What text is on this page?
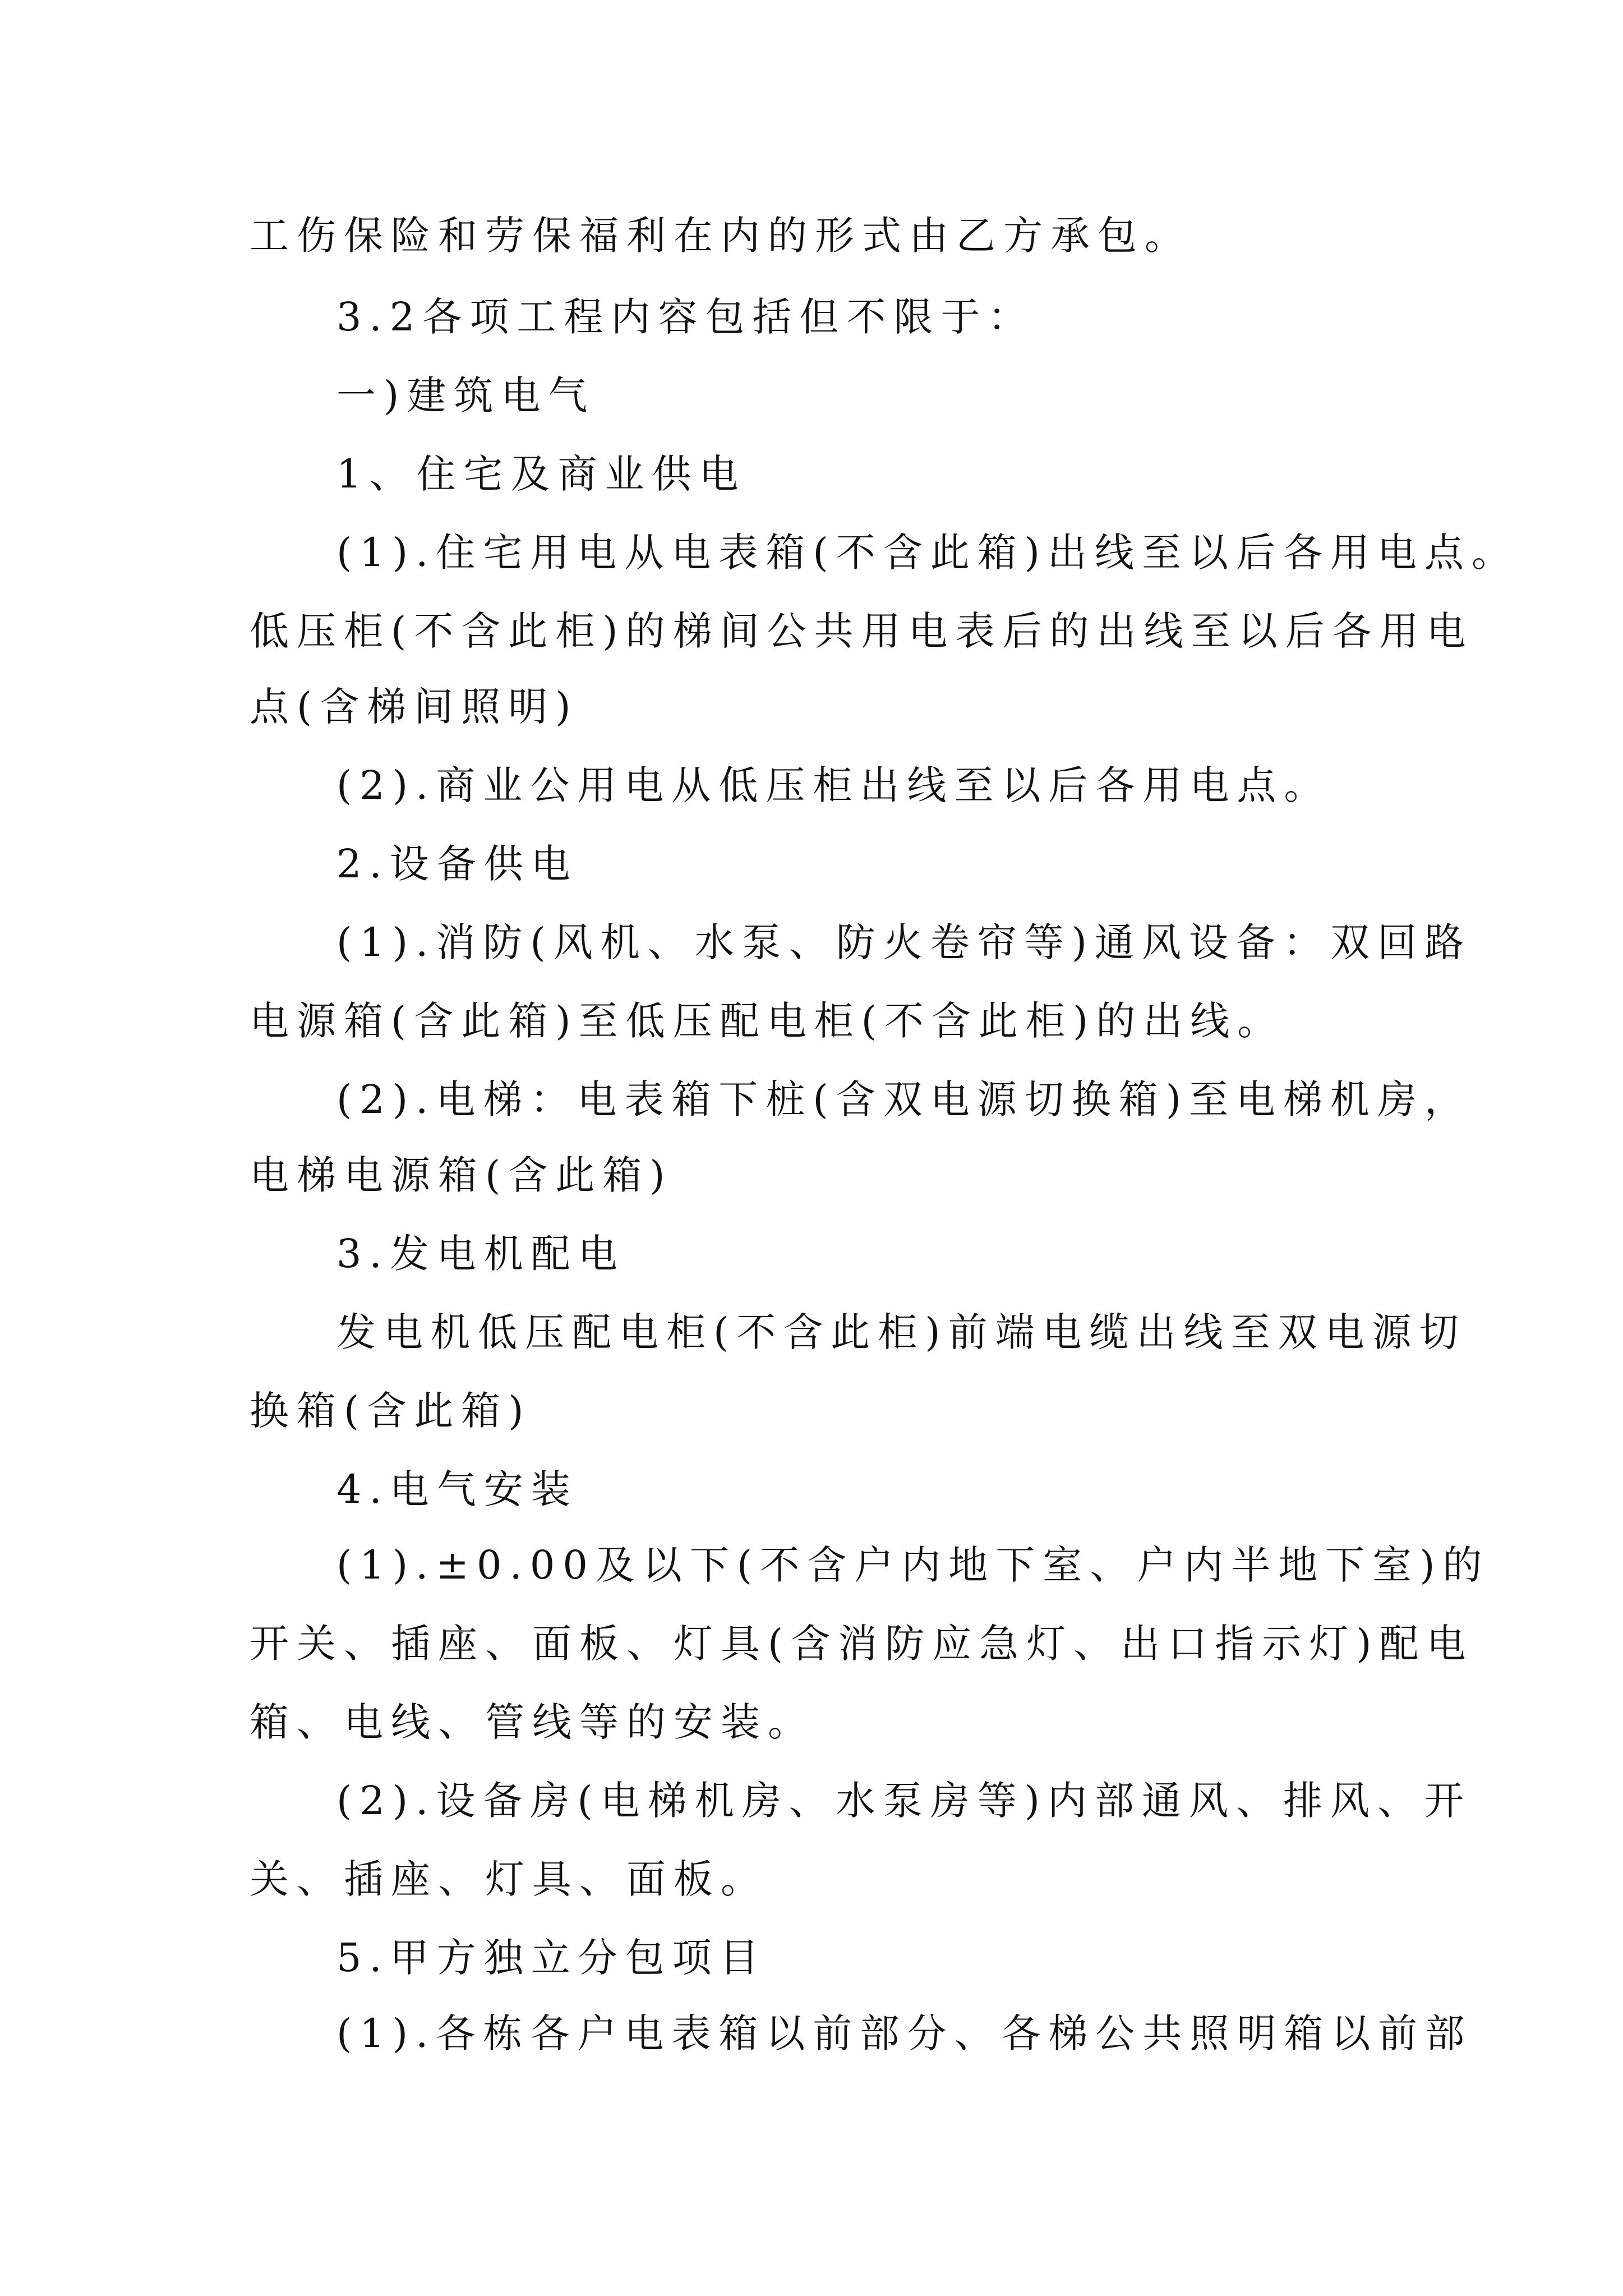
工伤保险和劳保福利在内的形式由乙方承包。
3.2各项工程内容包括但不限于：
一)建筑电气
1、住宅及商业供电
(1).住宅用电从电表箱(不含此箱)出线至以后各用电点。
低压柜(不含此柜)的梯间公共用电表后的出线至以后各用电
点(含梯间照明)
(2).商业公用电从低压柜出线至以后各用电点。
2.设备供电
(1).消防(风机、水泵、防火卷帘等)通风设备：双回路
电源箱(含此箱)至低压配电柜(不含此柜)的出线。
(2).电梯：电表箱下桩(含双电源切换箱)至电梯机房，
电梯电源箱(含此箱)
3.发电机配电
发电机低压配电柜(不含此柜)前端电缆出线至双电源切
换箱(含此箱)
4.电气安装
(1).±0.00及以下(不含户内地下室、户内半地下室)的
开关、插座、面板、灯具(含消防应急灯、出口指示灯)配电
箱、电线、管线等的安装。
(2).设备房(电梯机房、水泵房等)内部通风、排风、开
关、插座、灯具、面板。
5.甲方独立分包项目
(1).各栋各户电表箱以前部分、各梯公共照明箱以前部
